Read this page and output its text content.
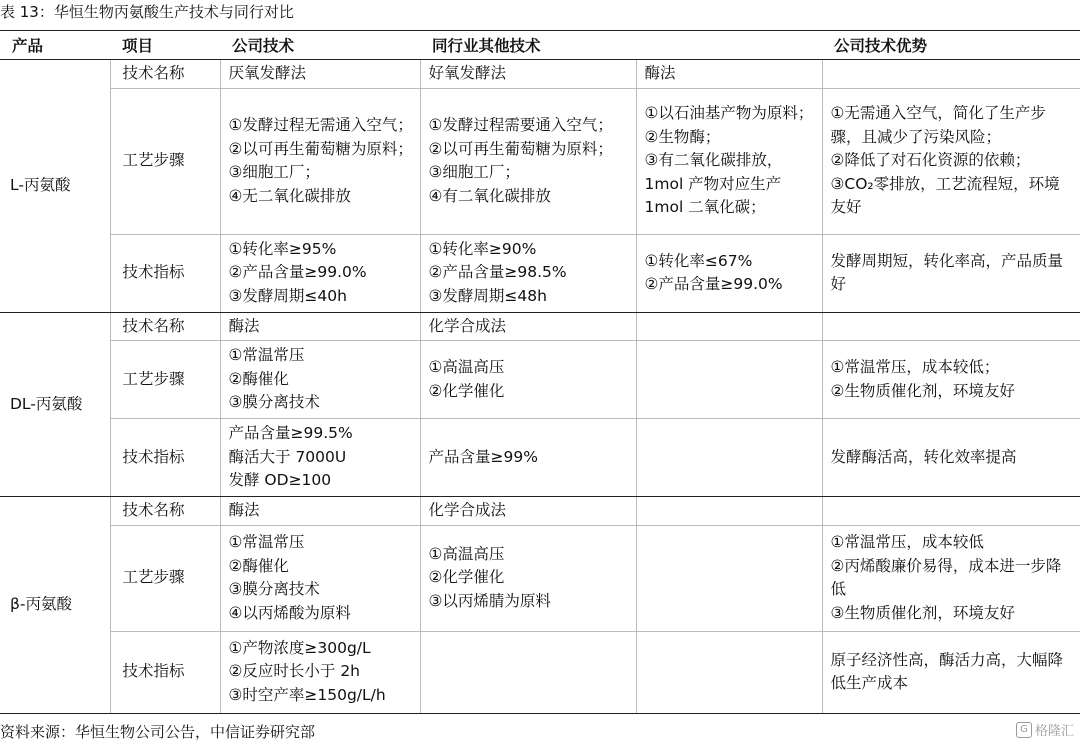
表 13：华恒生物丙氨酸生产技术与同行对比
产品	项目	公司技术	同行业其他技术		公司技术优势
L-丙氨酸	技术名称	厌氧发酵法	好氧发酵法	酶法	

	工艺步骤	①发酵过程无需通入空气；
②以可再生葡萄糖为原料；
③细胞工厂；
④无二氧化碳排放	①发酵过程需要通入空气；
②以可再生葡萄糖为原料；
③细胞工厂；
④有二氧化碳排放	①以石油基产物为原料；
②生物酶；
③有二氧化碳排放，1mol 产物对应生产1mol 二氧化碳；	①无需通入空气，简化了生产步骤，且减少了污染风险；
②降低了对石化资源的依赖；
③CO₂零排放，工艺流程短，环境友好

	技术指标	①转化率≥95%
②产品含量≥99.0%
③发酵周期≤40h	①转化率≥90%
②产品含量≥98.5%
③发酵周期≤48h	①转化率≤67%
②产品含量≥99.0%	发酵周期短，转化率高，产品质量好

DL-丙氨酸	技术名称	酶法	化学合成法		

	工艺步骤	①常温常压
②酶催化
③膜分离技术	①高温高压
②化学催化		①常温常压，成本较低；
②生物质催化剂，环境友好

	技术指标	产品含量≥99.5%
酶活大于 7000U
发酵 OD≥100	产品含量≥99%		发酵酶活高，转化效率提高

β-丙氨酸	技术名称	酶法	化学合成法		

	工艺步骤	①常温常压
②酶催化
③膜分离技术
④以丙烯酸为原料	①高温高压
②化学催化
③以丙烯腈为原料		①常温常压，成本较低
②丙烯酸廉价易得，成本进一步降低
③生物质催化剂，环境友好

	技术指标	①产物浓度≥300g/L
②反应时长小于 2h
③时空产率≥150g/L/h			原子经济性高，酶活力高，大幅降低生产成本
资料来源：华恒生物公司公告，中信证券研究部	G 格隆汇
